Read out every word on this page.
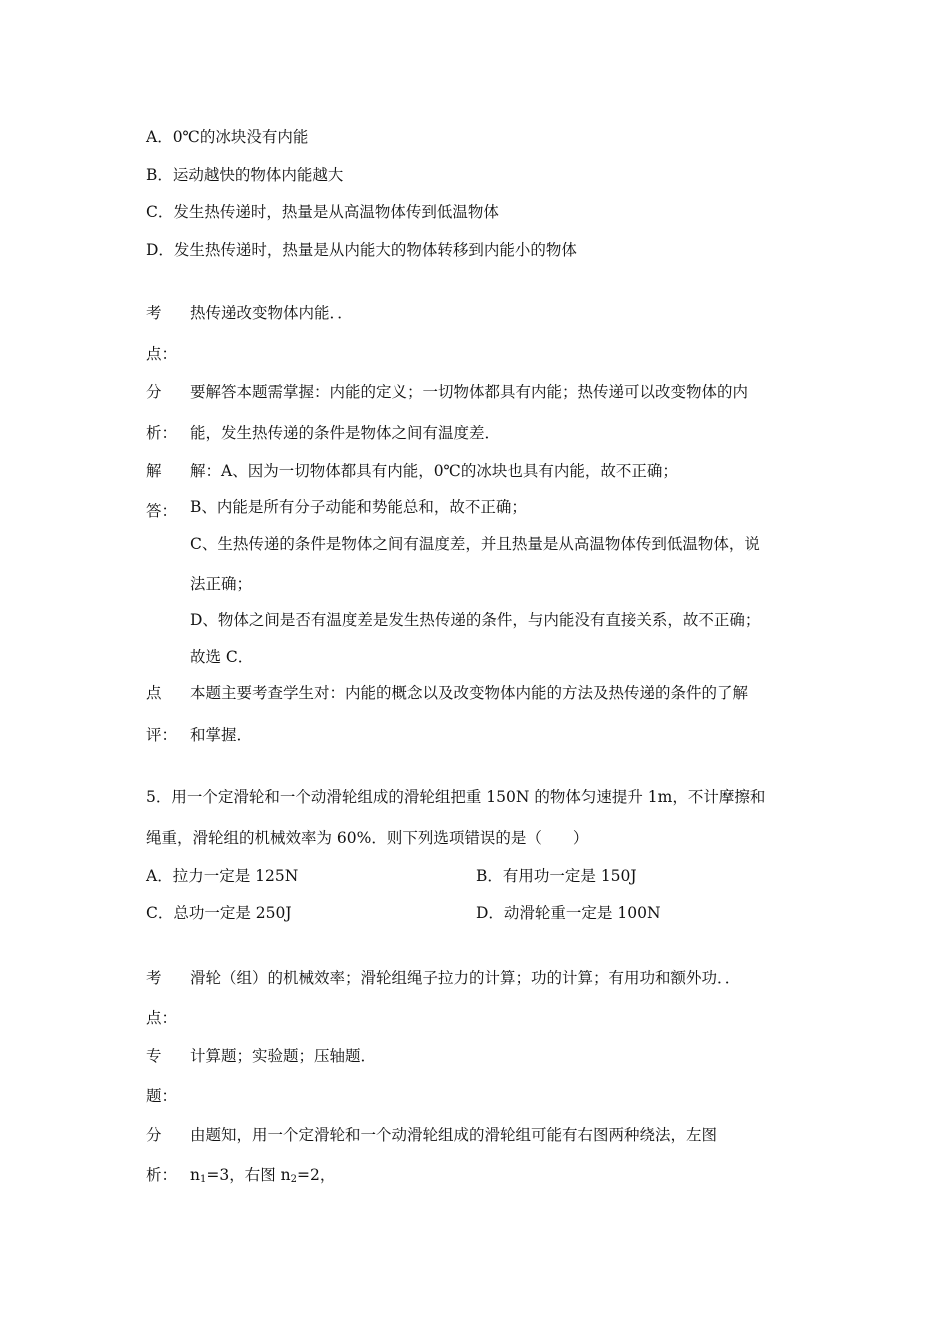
A．0℃的冰块没有内能
B．运动越快的物体内能越大
C．发生热传递时，热量是从高温物体传到低温物体
D．发生热传递时，热量是从内能大的物体转移到内能小的物体
考 热传递改变物体内能．．
点：
分 要解答本题需掌握：内能的定义；一切物体都具有内能；热传递可以改变物体的内
析： 能，发生热传递的条件是物体之间有温度差．
解 解：A、因为一切物体都具有内能，0℃的冰块也具有内能，故不正确；
答： B、内能是所有分子动能和势能总和，故不正确；
C、生热传递的条件是物体之间有温度差，并且热量是从高温物体传到低温物体，说
法正确；
D、物体之间是否有温度差是发生热传递的条件，与内能没有直接关系，故不正确；
故选 C．
点 本题主要考查学生对：内能的概念以及改变物体内能的方法及热传递的条件的了解
评： 和掌握．
5．用一个定滑轮和一个动滑轮组成的滑轮组把重 150N 的物体匀速提升 1m，不计摩擦和
绳重，滑轮组的机械效率为 60%．则下列选项错误的是（　　）
A．拉力一定是 125N	B．有用功一定是 150J
C．总功一定是 250J	D．动滑轮重一定是 100N
考 滑轮（组）的机械效率；滑轮组绳子拉力的计算；功的计算；有用功和额外功．．
点：
专 计算题；实验题；压轴题．
题：
分 由题知，用一个定滑轮和一个动滑轮组成的滑轮组可能有右图两种绕法，左图
析： $n_1=3$，右图 $n_2=2$，
